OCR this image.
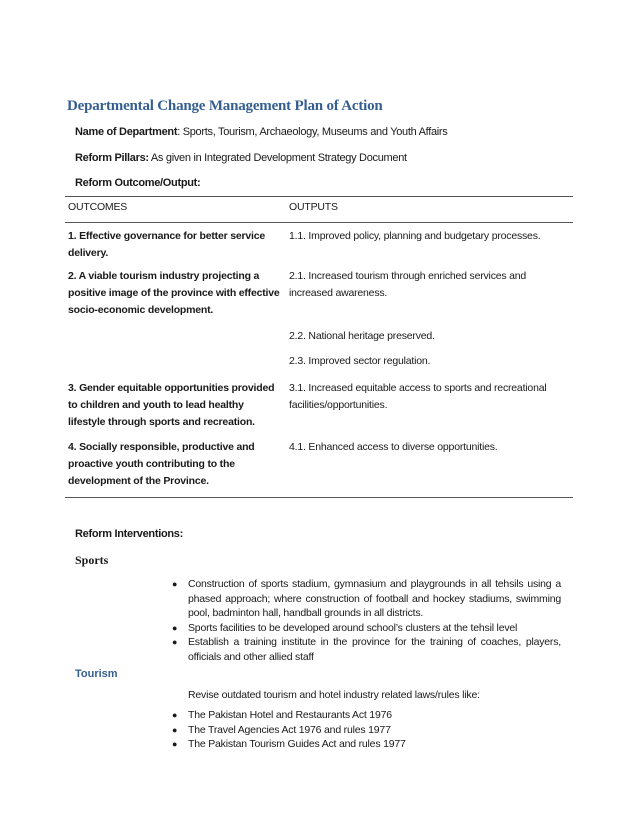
Departmental Change Management Plan of Action
Name of Department: Sports, Tourism, Archaeology, Museums and Youth Affairs
Reform Pillars: As given in Integrated Development Strategy Document
Reform Outcome/Output:
OUTCOMES	OUTPUTS
1. Effective governance for better service delivery.
1.1. Improved policy, planning and budgetary processes.
2. A viable tourism industry projecting a positive image of the province with effective socio-economic development.
2.1. Increased tourism through enriched services and increased awareness.
2.2. National heritage preserved.
2.3. Improved sector regulation.
3. Gender equitable opportunities provided to children and youth to lead healthy lifestyle through sports and recreation.
3.1. Increased equitable access to sports and recreational facilities/opportunities.
4. Socially responsible, productive and proactive youth contributing to the development of the Province.
4.1. Enhanced access to diverse opportunities.
Reform Interventions:
Sports
● Construction of sports stadium, gymnasium and playgrounds in all tehsils using a phased approach; where construction of football and hockey stadiums, swimming pool, badminton hall, handball grounds in all districts.
● Sports facilities to be developed around school’s clusters at the tehsil level
● Establish a training institute in the province for the training of coaches, players, officials and other allied staff
Tourism
Revise outdated tourism and hotel industry related laws/rules like:
● The Pakistan Hotel and Restaurants Act 1976
● The Travel Agencies Act 1976 and rules 1977
● The Pakistan Tourism Guides Act and rules 1977
